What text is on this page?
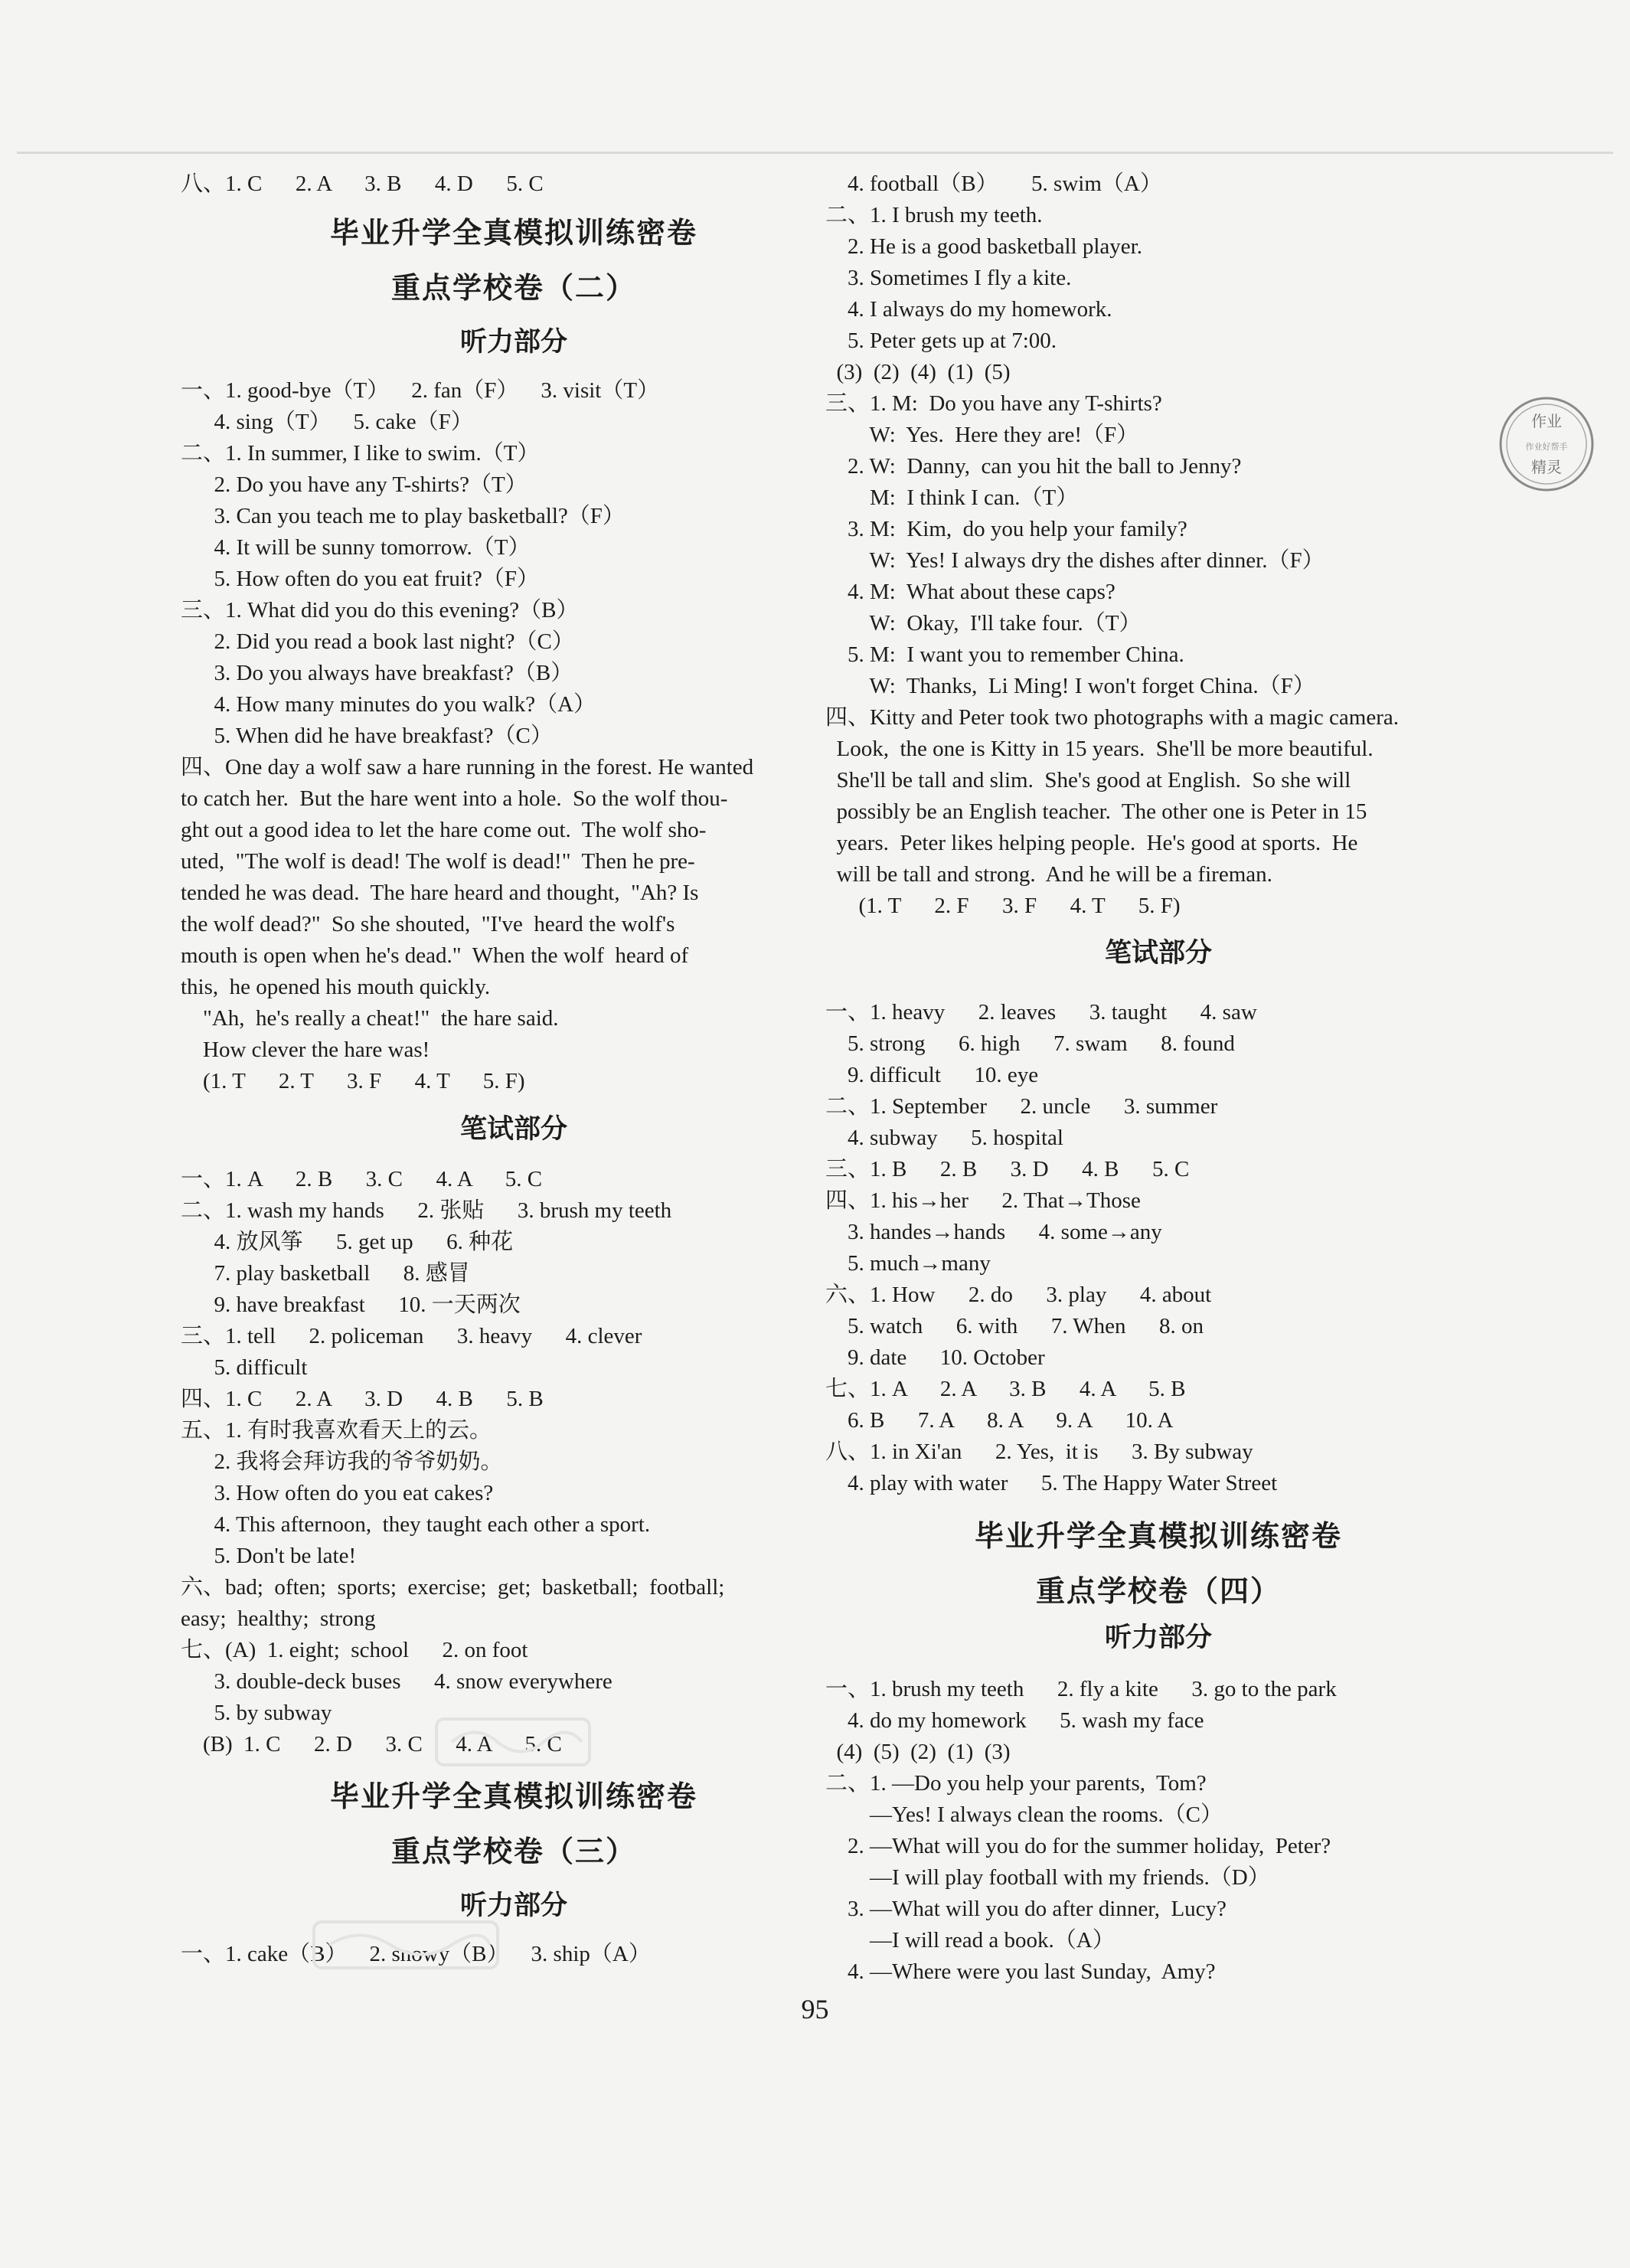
八、1. C      2. A      3. B      4. D      5. C
毕业升学全真模拟训练密卷
重点学校卷（二）
听力部分
一、1. good-bye（T）    2. fan（F）    3. visit（T）
4. sing（T）    5. cake（F）
二、1. In summer, I like to swim.（T）
2. Do you have any T-shirts?（T）
3. Can you teach me to play basketball?（F）
4. It will be sunny tomorrow.（T）
5. How often do you eat fruit?（F）
三、1. What did you do this evening?（B）
2. Did you read a book last night?（C）
3. Do you always have breakfast?（B）
4. How many minutes do you walk?（A）
5. When did he have breakfast?（C）
四、One day a wolf saw a hare running in the forest. He wanted
to catch her.  But the hare went into a hole.  So the wolf thou-
ght out a good idea to let the hare come out.  The wolf sho-
uted,  "The wolf is dead! The wolf is dead!"  Then he pre-
tended he was dead.  The hare heard and thought,  "Ah? Is
the wolf dead?"  So she shouted,  "I've  heard the wolf's
mouth is open when he's dead."  When the wolf  heard of
this,  he opened his mouth quickly.
"Ah,  he's really a cheat!"  the hare said.
How clever the hare was!
(1. T      2. T      3. F      4. T      5. F)
笔试部分
一、1. A      2. B      3. C      4. A      5. C
二、1. wash my hands      2. 张贴      3. brush my teeth
4. 放风筝      5. get up      6. 种花
7. play basketball      8. 感冒
9. have breakfast      10. 一天两次
三、1. tell      2. policeman      3. heavy      4. clever
5. difficult
四、1. C      2. A      3. D      4. B      5. B
五、1. 有时我喜欢看天上的云。
2. 我将会拜访我的爷爷奶奶。
3. How often do you eat cakes?
4. This afternoon,  they taught each other a sport.
5. Don't be late!
六、bad;  often;  sports;  exercise;  get;  basketball;  football;
easy;  healthy;  strong
七、(A)  1. eight;  school      2. on foot
3. double-deck buses      4. snow everywhere
5. by subway
(B)  1. C      2. D      3. C      4. A      5. C
毕业升学全真模拟训练密卷
重点学校卷（三）
听力部分
一、1. cake（B）    2. snowy（B）    3. ship（A）
4. football（B）      5. swim（A）
二、1. I brush my teeth.
2. He is a good basketball player.
3. Sometimes I fly a kite.
4. I always do my homework.
5. Peter gets up at 7:00.
(3)  (2)  (4)  (1)  (5)
三、1. M:  Do you have any T-shirts?
W:  Yes.  Here they are!（F）
2. W:  Danny,  can you hit the ball to Jenny?
M:  I think I can.（T）
3. M:  Kim,  do you help your family?
W:  Yes! I always dry the dishes after dinner.（F）
4. M:  What about these caps?
W:  Okay,  I'll take four.（T）
5. M:  I want you to remember China.
W:  Thanks,  Li Ming! I won't forget China.（F）
四、Kitty and Peter took two photographs with a magic camera.
Look,  the one is Kitty in 15 years.  She'll be more beautiful.
She'll be tall and slim.  She's good at English.  So she will
possibly be an English teacher.  The other one is Peter in 15
years.  Peter likes helping people.  He's good at sports.  He
will be tall and strong.  And he will be a fireman.
(1. T      2. F      3. F      4. T      5. F)
笔试部分
一、1. heavy      2. leaves      3. taught      4. saw
5. strong      6. high      7. swam      8. found
9. difficult      10. eye
二、1. September      2. uncle      3. summer
4. subway      5. hospital
三、1. B      2. B      3. D      4. B      5. C
四、1. his→her      2. That→Those
3. handes→hands      4. some→any
5. much→many
六、1. How      2. do      3. play      4. about
5. watch      6. with      7. When      8. on
9. date      10. October
七、1. A      2. A      3. B      4. A      5. B
6. B      7. A      8. A      9. A      10. A
八、1. in Xi'an      2. Yes,  it is      3. By subway
4. play with water      5. The Happy Water Street
毕业升学全真模拟训练密卷
重点学校卷（四）
听力部分
一、1. brush my teeth      2. fly a kite      3. go to the park
4. do my homework      5. wash my face
(4)  (5)  (2)  (1)  (3)
二、1. —Do you help your parents,  Tom?
—Yes! I always clean the rooms.（C）
2. —What will you do for the summer holiday,  Peter?
—I will play football with my friends.（D）
3. —What will you do after dinner,  Lucy?
—I will read a book.（A）
4. —Where were you last Sunday,  Amy?
95
作业
作业好帮手
精灵
